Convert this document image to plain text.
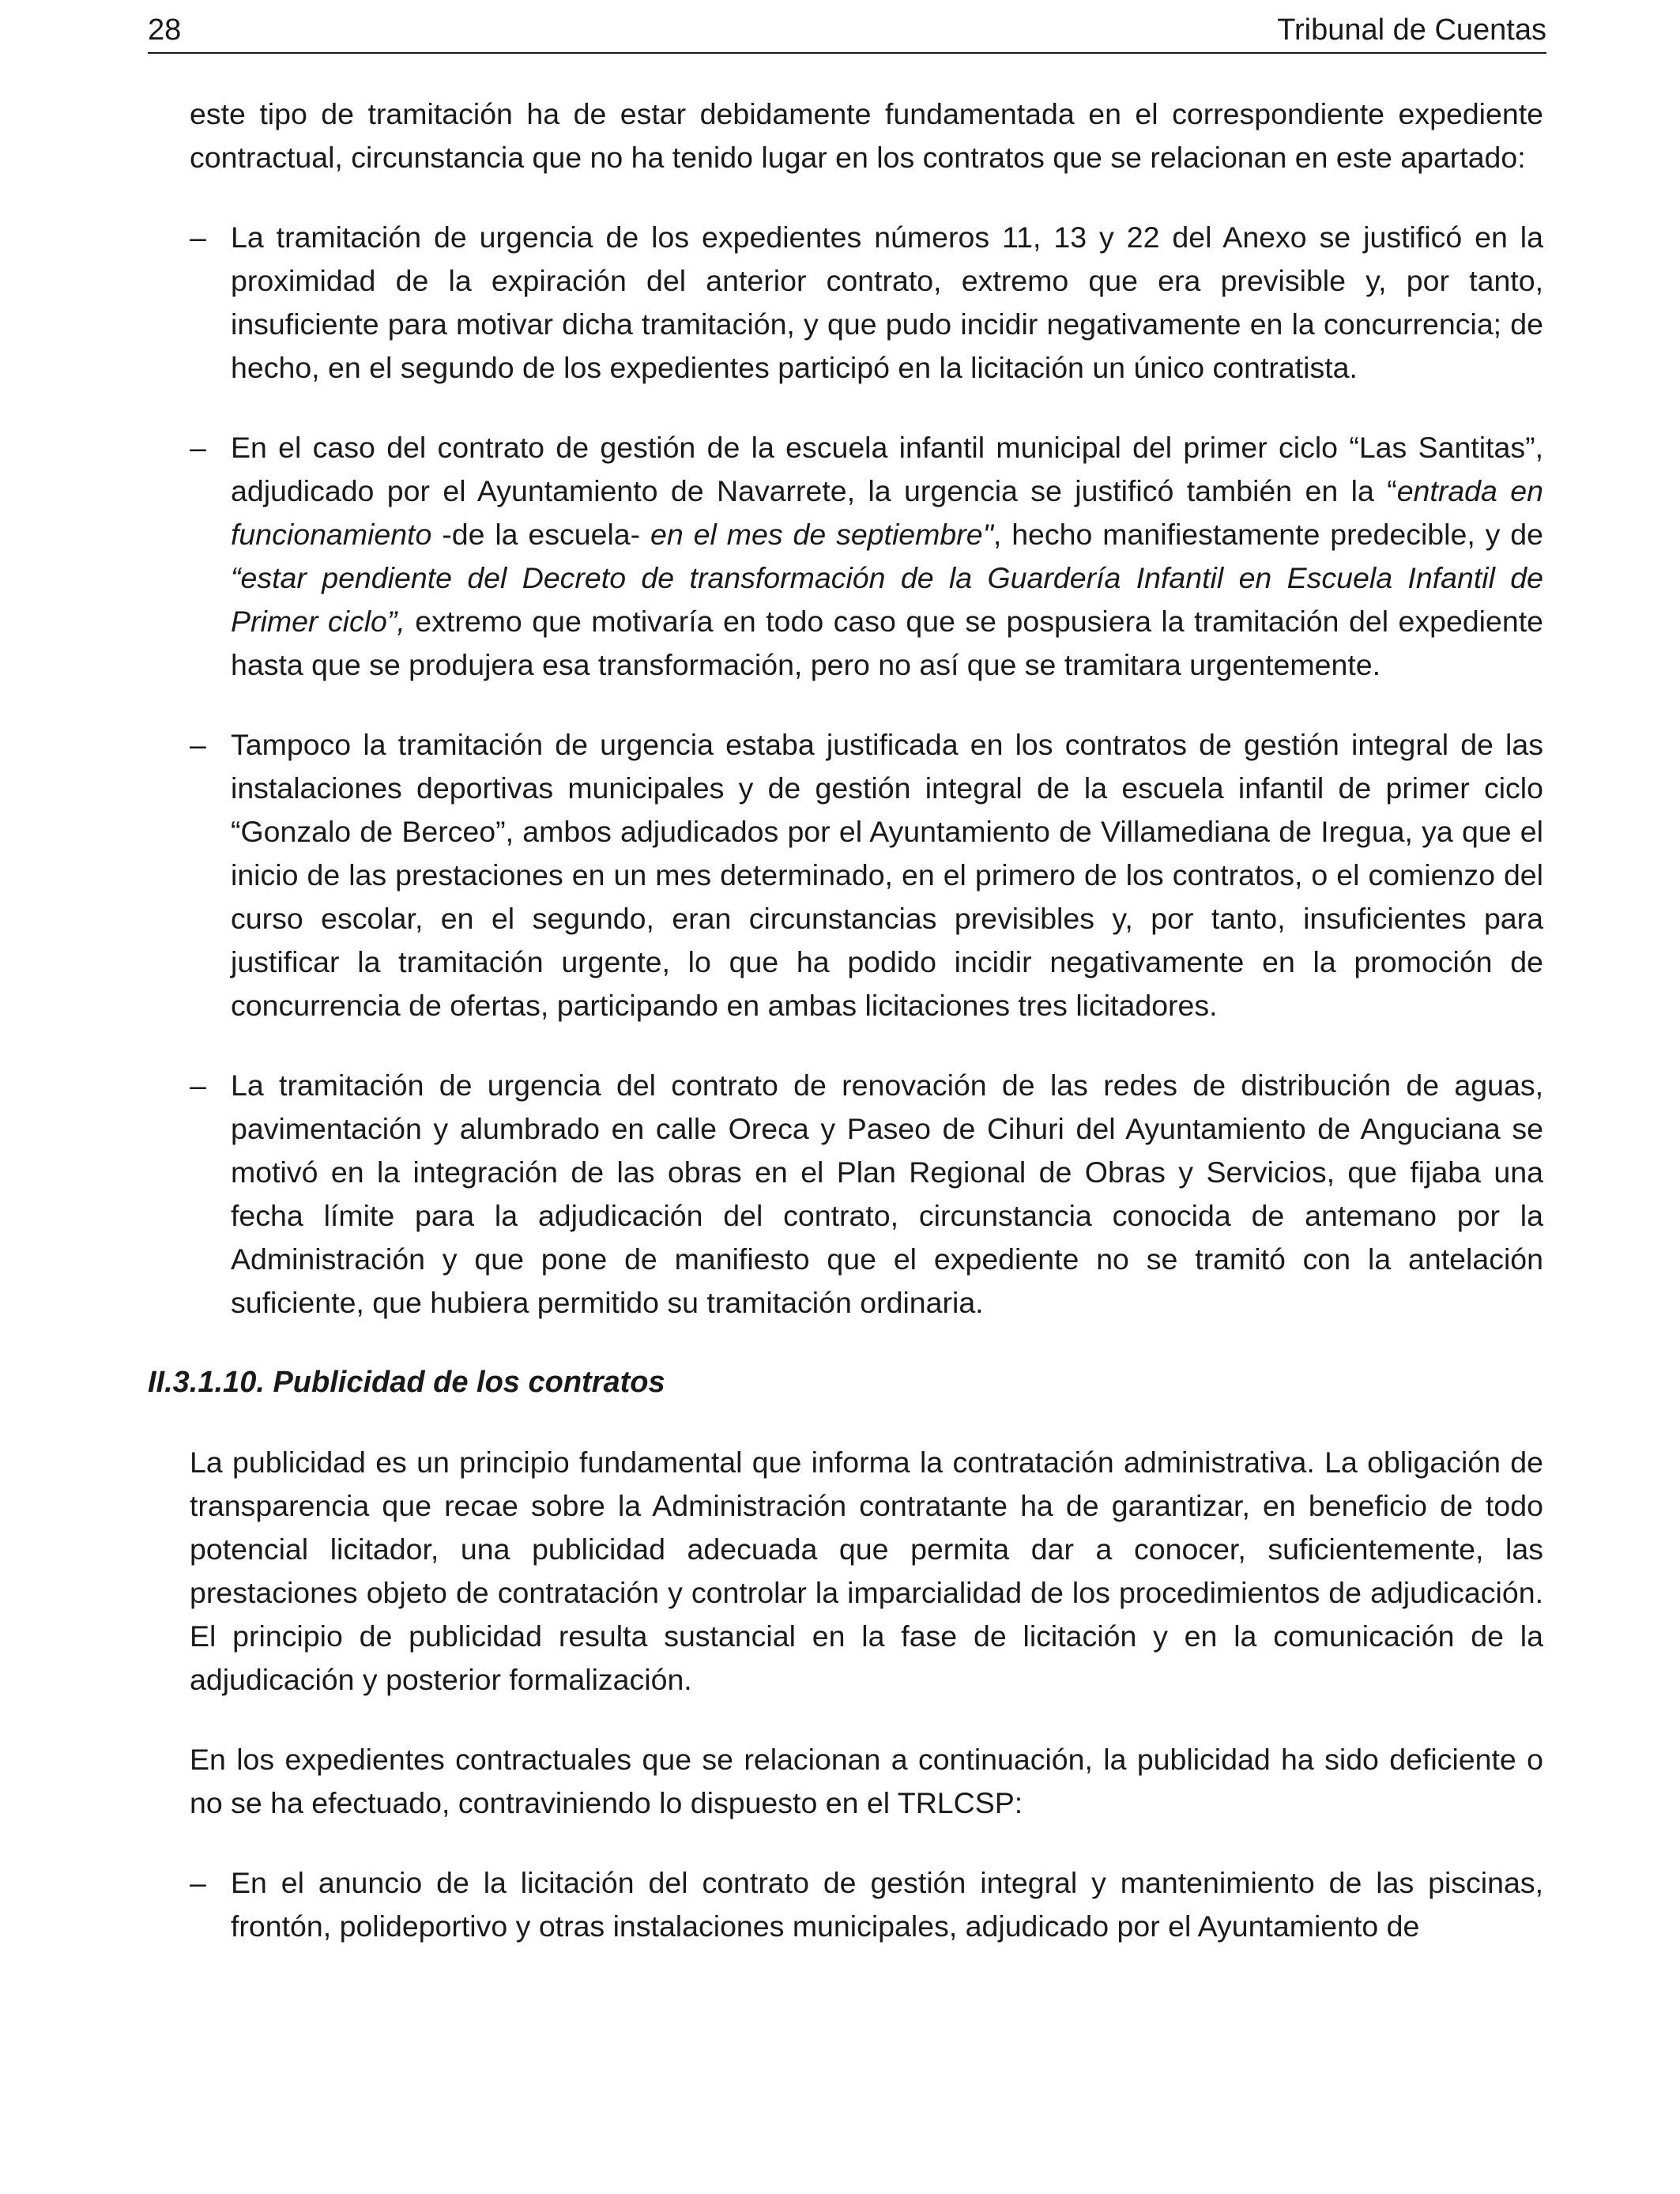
28	Tribunal de Cuentas

este tipo de tramitación ha de estar debidamente fundamentada en el correspondiente expediente contractual, circunstancia que no ha tenido lugar en los contratos que se relacionan en este apartado:

– La tramitación de urgencia de los expedientes números 11, 13 y 22 del Anexo se justificó en la proximidad de la expiración del anterior contrato, extremo que era previsible y, por tanto, insuficiente para motivar dicha tramitación, y que pudo incidir negativamente en la concurrencia; de hecho, en el segundo de los expedientes participó en la licitación un único contratista.
– En el caso del contrato de gestión de la escuela infantil municipal del primer ciclo “Las Santitas”, adjudicado por el Ayuntamiento de Navarrete, la urgencia se justificó también en la “entrada en funcionamiento -de la escuela- en el mes de septiembre", hecho manifiestamente predecible, y de “estar pendiente del Decreto de transformación de la Guardería Infantil en Escuela Infantil de Primer ciclo”, extremo que motivaría en todo caso que se pospusiera la tramitación del expediente hasta que se produjera esa transformación, pero no así que se tramitara urgentemente.
– Tampoco la tramitación de urgencia estaba justificada en los contratos de gestión integral de las instalaciones deportivas municipales y de gestión integral de la escuela infantil de primer ciclo “Gonzalo de Berceo”, ambos adjudicados por el Ayuntamiento de Villamediana de Iregua, ya que el inicio de las prestaciones en un mes determinado, en el primero de los contratos, o el comienzo del curso escolar, en el segundo, eran circunstancias previsibles y, por tanto, insuficientes para justificar la tramitación urgente, lo que ha podido incidir negativamente en la promoción de concurrencia de ofertas, participando en ambas licitaciones tres licitadores.
– La tramitación de urgencia del contrato de renovación de las redes de distribución de aguas, pavimentación y alumbrado en calle Oreca y Paseo de Cihuri del Ayuntamiento de Anguciana se motivó en la integración de las obras en el Plan Regional de Obras y Servicios, que fijaba una fecha límite para la adjudicación del contrato, circunstancia conocida de antemano por la Administración y que pone de manifiesto que el expediente no se tramitó con la antelación suficiente, que hubiera permitido su tramitación ordinaria.
II.3.1.10. Publicidad de los contratos

La publicidad es un principio fundamental que informa la contratación administrativa. La obligación de transparencia que recae sobre la Administración contratante ha de garantizar, en beneficio de todo potencial licitador, una publicidad adecuada que permita dar a conocer, suficientemente, las prestaciones objeto de contratación y controlar la imparcialidad de los procedimientos de adjudicación. El principio de publicidad resulta sustancial en la fase de licitación y en la comunicación de la adjudicación y posterior formalización.

En los expedientes contractuales que se relacionan a continuación, la publicidad ha sido deficiente o no se ha efectuado, contraviniendo lo dispuesto en el TRLCSP:

– En el anuncio de la licitación del contrato de gestión integral y mantenimiento de las piscinas, frontón, polideportivo y otras instalaciones municipales, adjudicado por el Ayuntamiento de
